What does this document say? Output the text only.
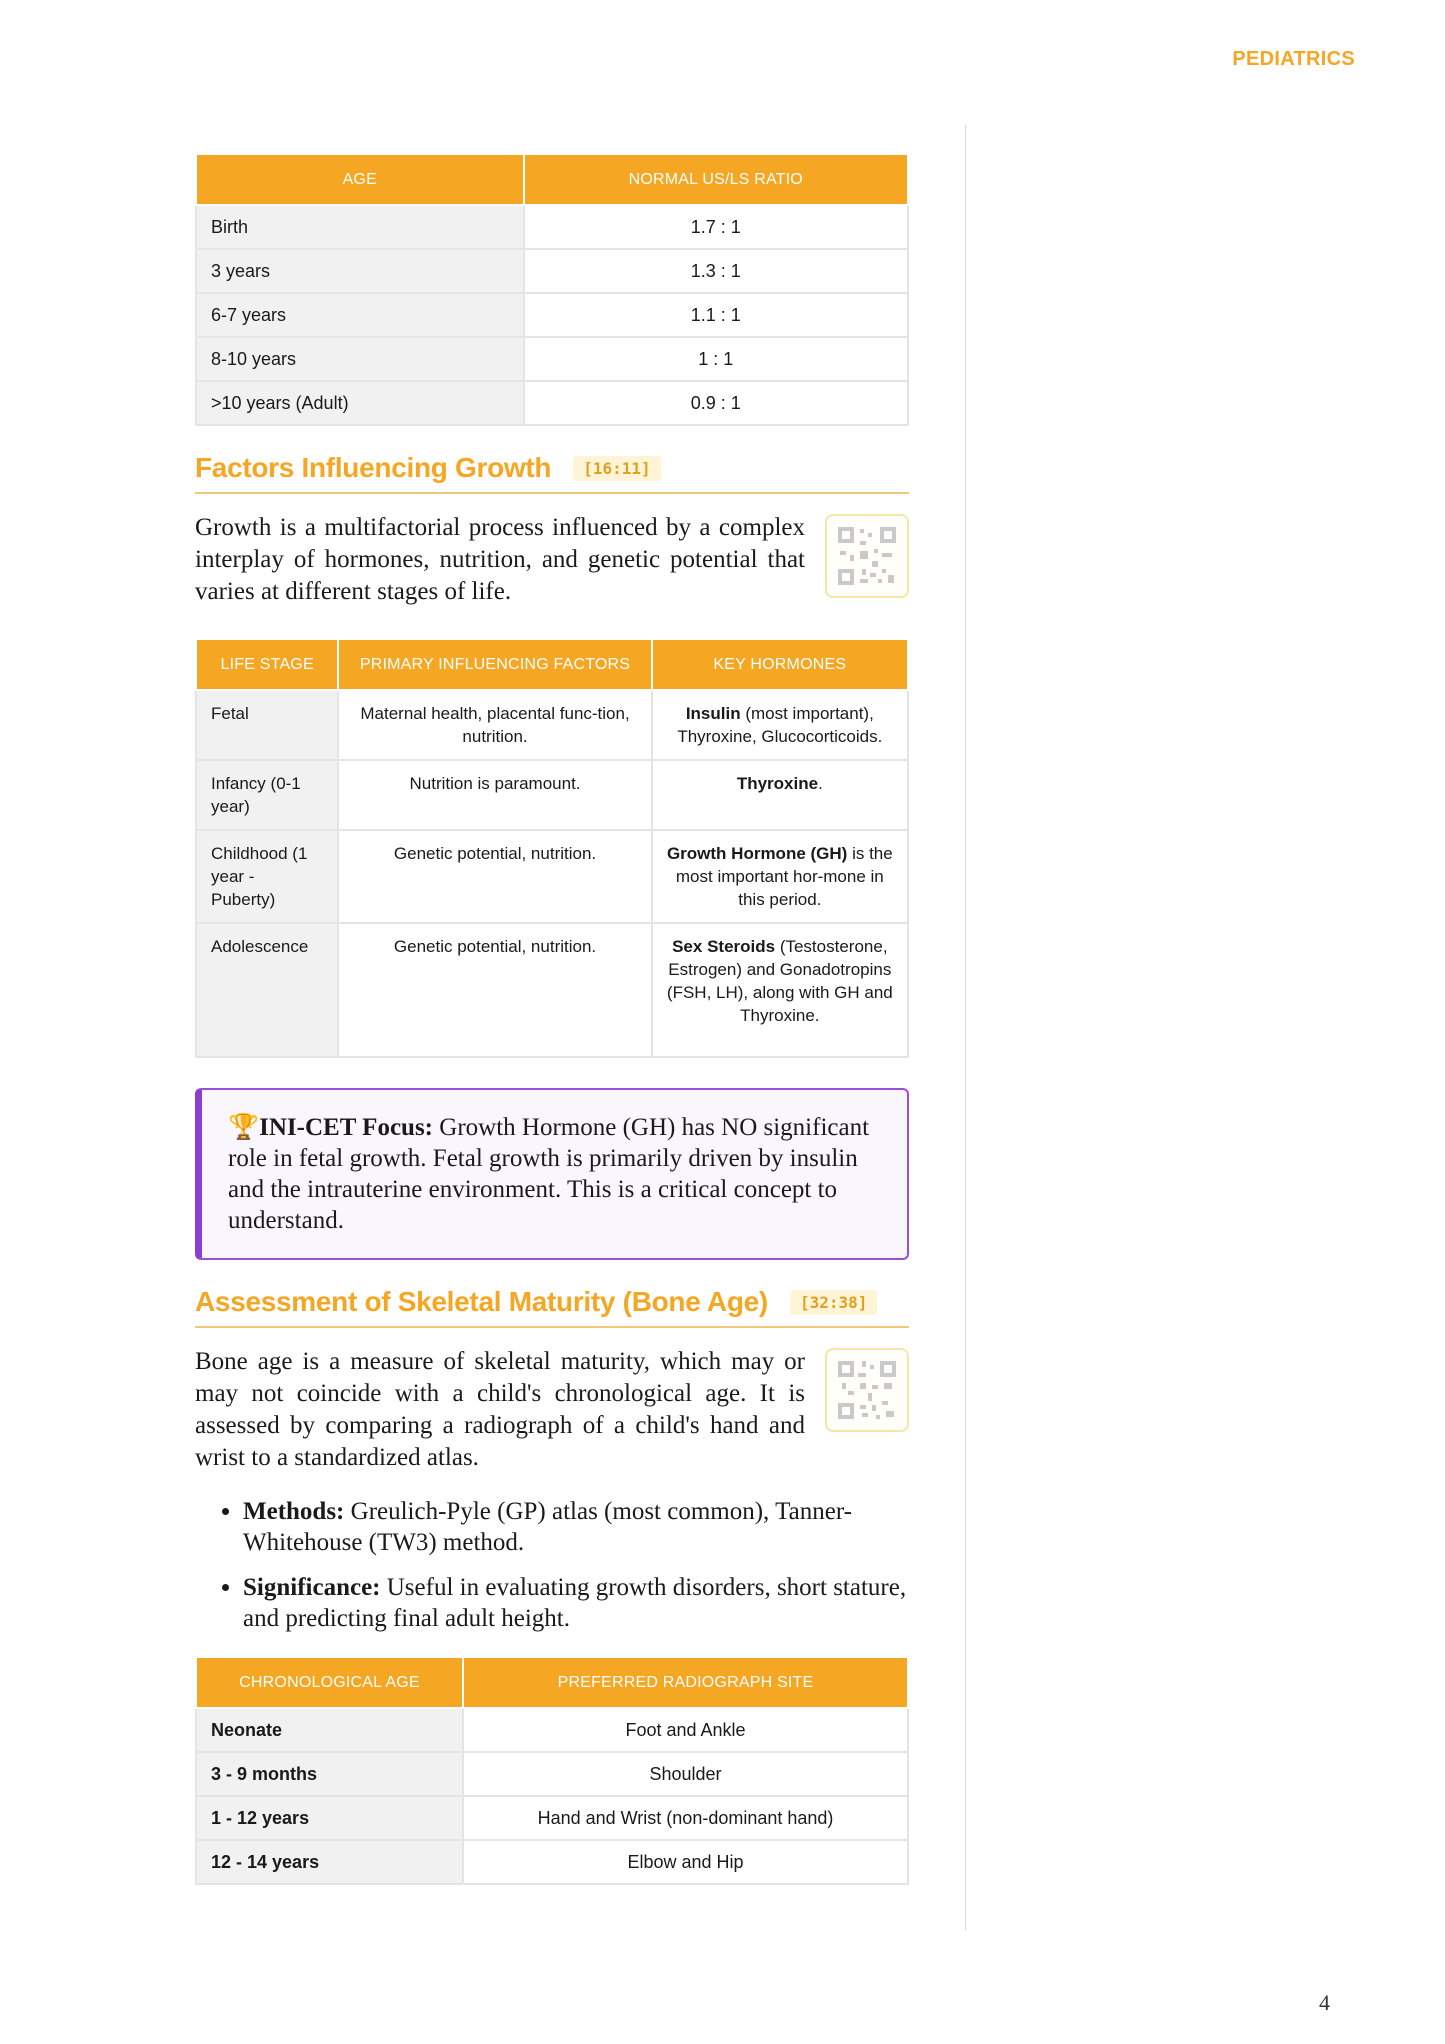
PEDIATRICS
AGE	NORMAL US/LS RATIO
Birth	1.7 : 1
3 years	1.3 : 1
6-7 years	1.1 : 1
8-10 years	1 : 1
>10 years (Adult)	0.9 : 1
Factors Influencing Growth	[16:11]

Growth is a multifactorial process influenced by a complex interplay of hormones, nutrition, and genetic potential that varies at different stages of life.

LIFE STAGE	PRIMARY INFLUENCING FACTORS	KEY HORMONES
Fetal	Maternal health, placental func-tion, nutrition.	Insulin (most important), Thyroxine, Glucocorticoids.
Infancy (0-1 year)	Nutrition is paramount.	Thyroxine.
Childhood (1 year - Puberty)	Genetic potential, nutrition.	Growth Hormone (GH) is the most important hor-mone in this period.
Adolescence	Genetic potential, nutrition.	Sex Steroids (Testosterone, Estrogen) and Gonadotropins (FSH, LH), along with GH and Thyroxine.
🏆INI-CET Focus: Growth Hormone (GH) has NO significant role in fetal growth. Fetal growth is primarily driven by insulin and the intrauterine environment. This is a critical concept to understand.
Assessment of Skeletal Maturity (Bone Age)	[32:38]

Bone age is a measure of skeletal maturity, which may or may not coincide with a child's chronological age. It is assessed by comparing a radiograph of a child's hand and wrist to a standardized atlas.

• Methods: Greulich-Pyle (GP) atlas (most common), Tanner-Whitehouse (TW3) method.
• Significance: Useful in evaluating growth disorders, short stature, and predicting final adult height.
CHRONOLOGICAL AGE	PREFERRED RADIOGRAPH SITE
Neonate	Foot and Ankle
3 - 9 months	Shoulder
1 - 12 years	Hand and Wrist (non-dominant hand)
12 - 14 years	Elbow and Hip
4
